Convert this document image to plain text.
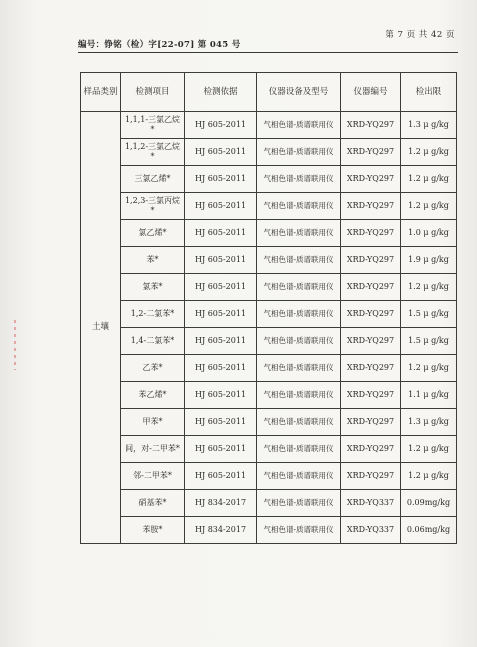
第 7 页 共 42 页
编号：铮铭（检）字[22-07] 第 045 号
样品类别	检测项目	检测依据	仪器设备及型号	仪器编号	检出限
土壤	1,1,1-三氯乙烷*	HJ 605-2011	气相色谱-质谱联用仪	XRD-YQ297	1.3 μ g/kg
	1,1,2-三氯乙烷*	HJ 605-2011	气相色谱-质谱联用仪	XRD-YQ297	1.2 μ g/kg
	三氯乙烯*	HJ 605-2011	气相色谱-质谱联用仪	XRD-YQ297	1.2 μ g/kg
	1,2,3-三氯丙烷*	HJ 605-2011	气相色谱-质谱联用仪	XRD-YQ297	1.2 μ g/kg
	氯乙烯*	HJ 605-2011	气相色谱-质谱联用仪	XRD-YQ297	1.0 μ g/kg
	苯*	HJ 605-2011	气相色谱-质谱联用仪	XRD-YQ297	1.9 μ g/kg
	氯苯*	HJ 605-2011	气相色谱-质谱联用仪	XRD-YQ297	1.2 μ g/kg
	1,2-二氯苯*	HJ 605-2011	气相色谱-质谱联用仪	XRD-YQ297	1.5 μ g/kg
	1,4-二氯苯*	HJ 605-2011	气相色谱-质谱联用仪	XRD-YQ297	1.5 μ g/kg
	乙苯*	HJ 605-2011	气相色谱-质谱联用仪	XRD-YQ297	1.2 μ g/kg
	苯乙烯*	HJ 605-2011	气相色谱-质谱联用仪	XRD-YQ297	1.1 μ g/kg
	甲苯*	HJ 605-2011	气相色谱-质谱联用仪	XRD-YQ297	1.3 μ g/kg
	间，对-二甲苯*	HJ 605-2011	气相色谱-质谱联用仪	XRD-YQ297	1.2 μ g/kg
	邻-二甲苯*	HJ 605-2011	气相色谱-质谱联用仪	XRD-YQ297	1.2 μ g/kg
	硝基苯*	HJ 834-2017	气相色谱-质谱联用仪	XRD-YQ337	0.09mg/kg
	苯胺*	HJ 834-2017	气相色谱-质谱联用仪	XRD-YQ337	0.06mg/kg
